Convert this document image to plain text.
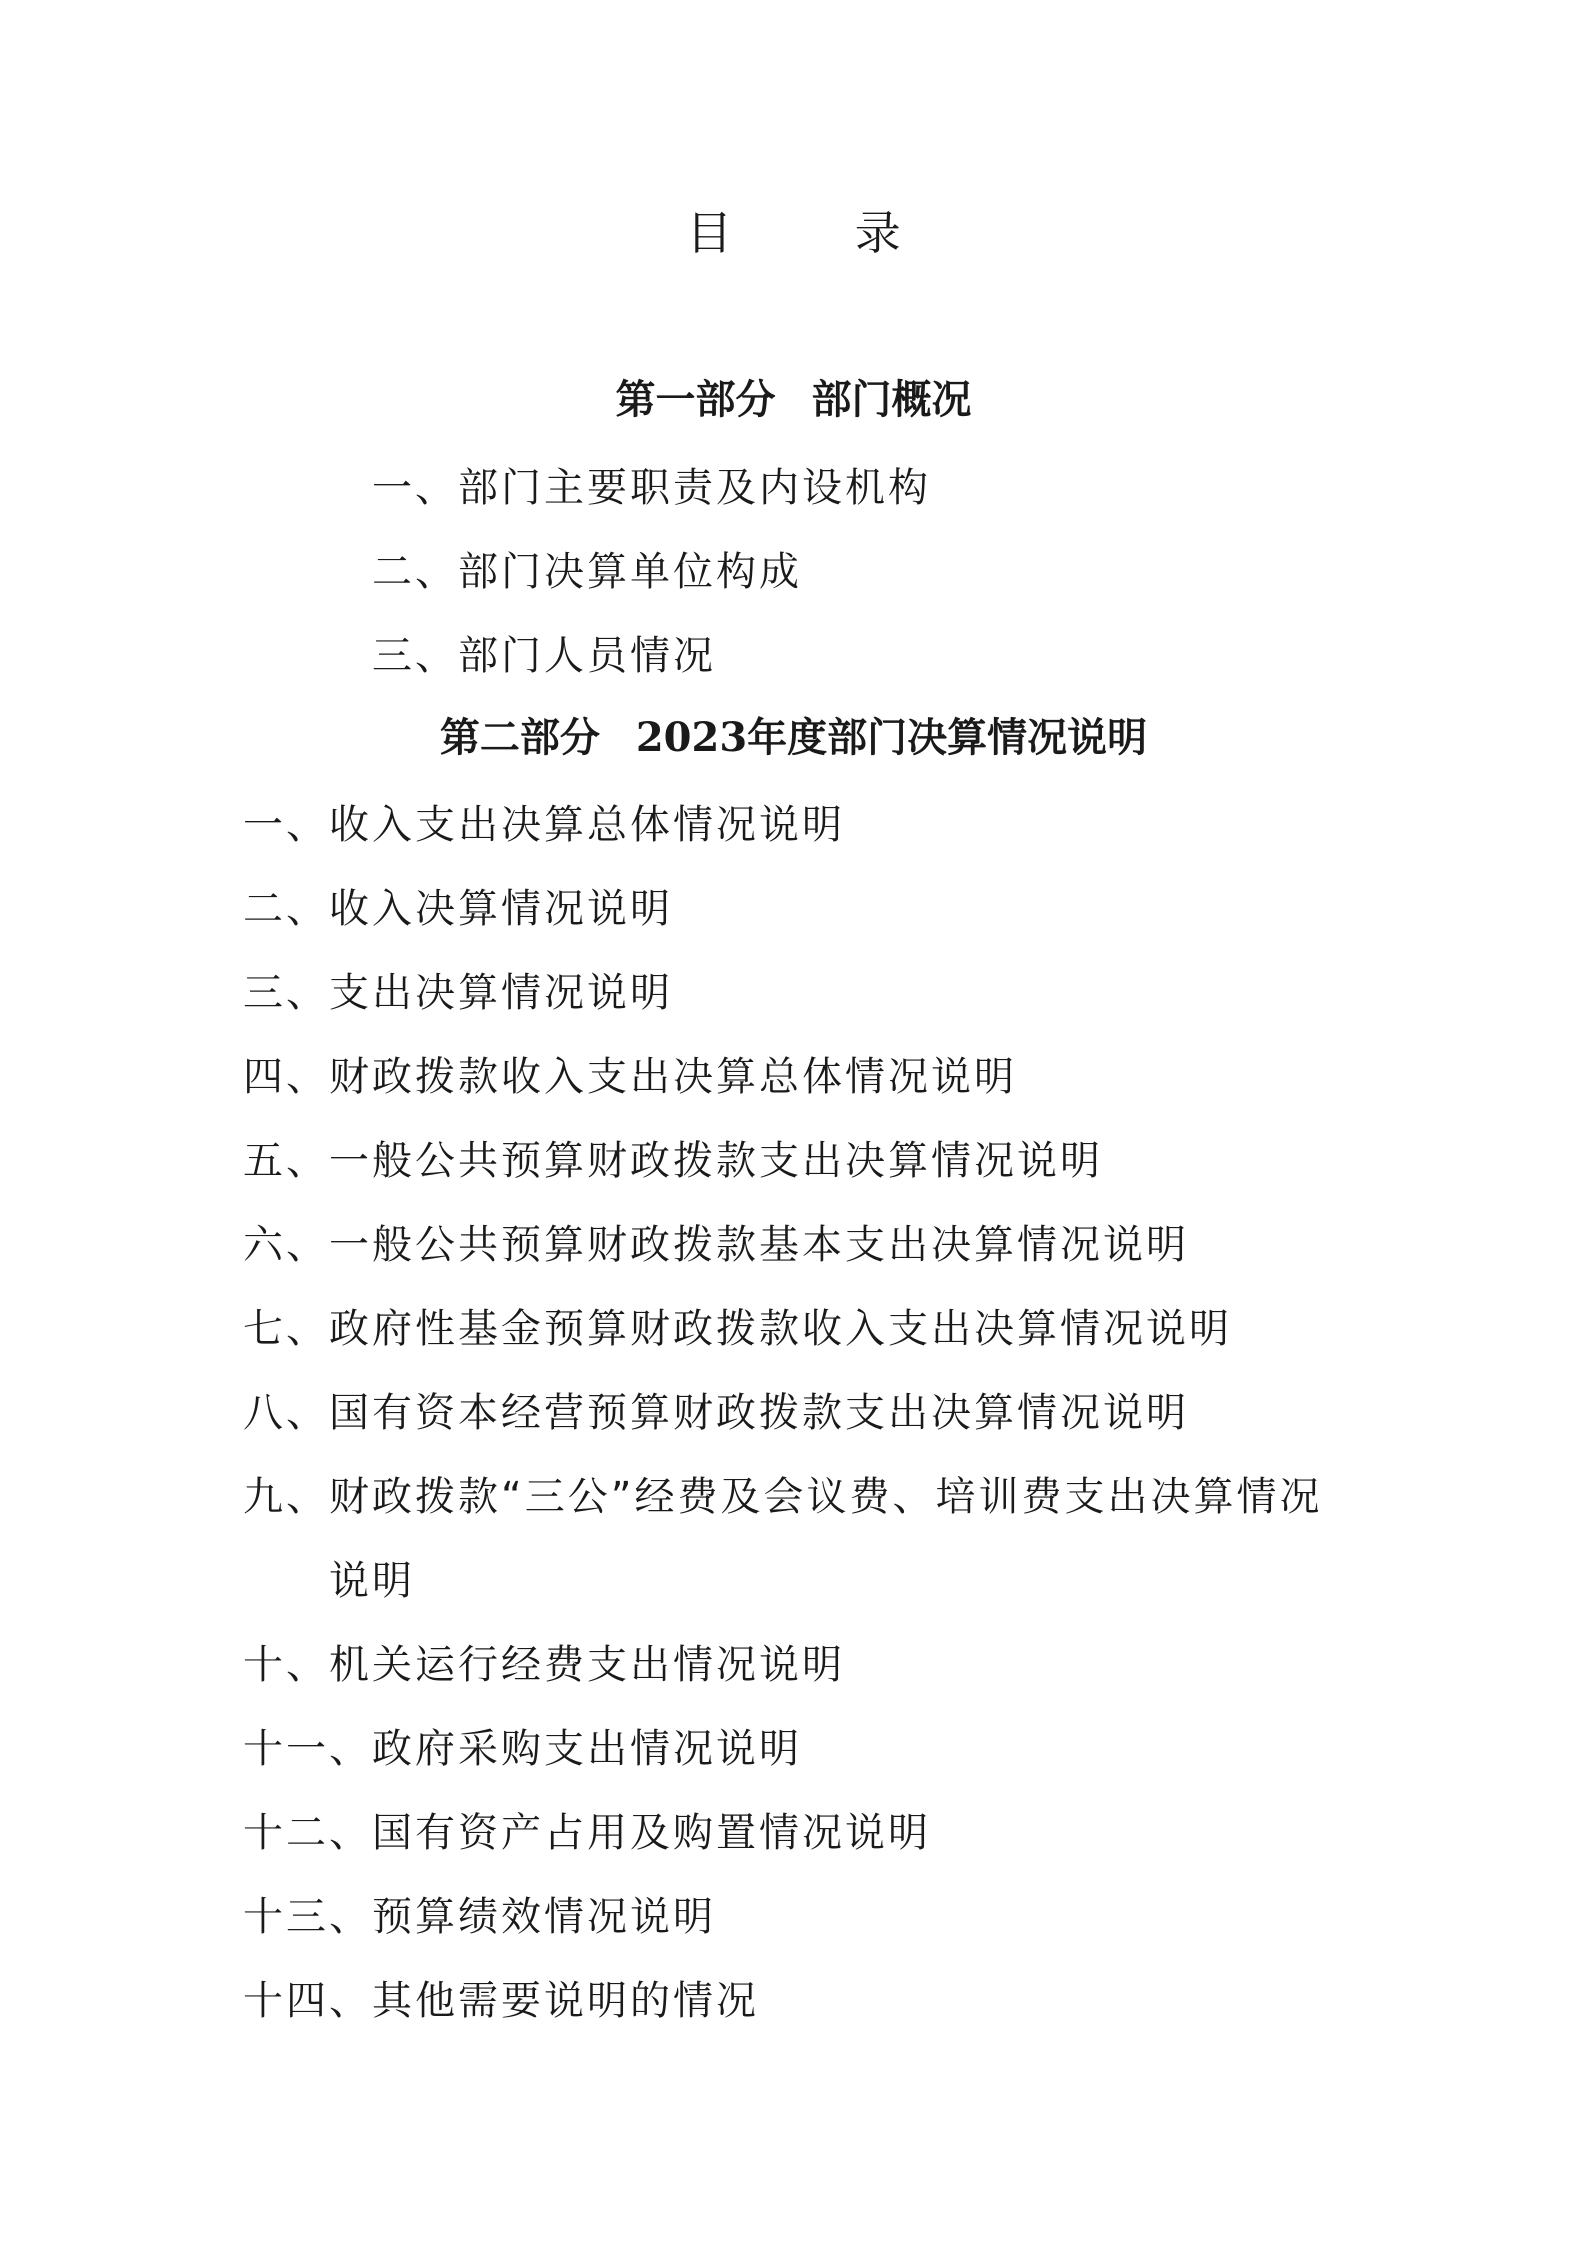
目 录
第一部分 部门概况
一、部门主要职责及内设机构
二、部门决算单位构成
三、部门人员情况
第二部分 2023年度部门决算情况说明
一、收入支出决算总体情况说明
二、收入决算情况说明
三、支出决算情况说明
四、财政拨款收入支出决算总体情况说明
五、一般公共预算财政拨款支出决算情况说明
六、一般公共预算财政拨款基本支出决算情况说明
七、政府性基金预算财政拨款收入支出决算情况说明
八、国有资本经营预算财政拨款支出决算情况说明
九、财政拨款“三公”经费及会议费、培训费支出决算情况
说明
十、机关运行经费支出情况说明
十一、政府采购支出情况说明
十二、国有资产占用及购置情况说明
十三、预算绩效情况说明
十四、其他需要说明的情况
